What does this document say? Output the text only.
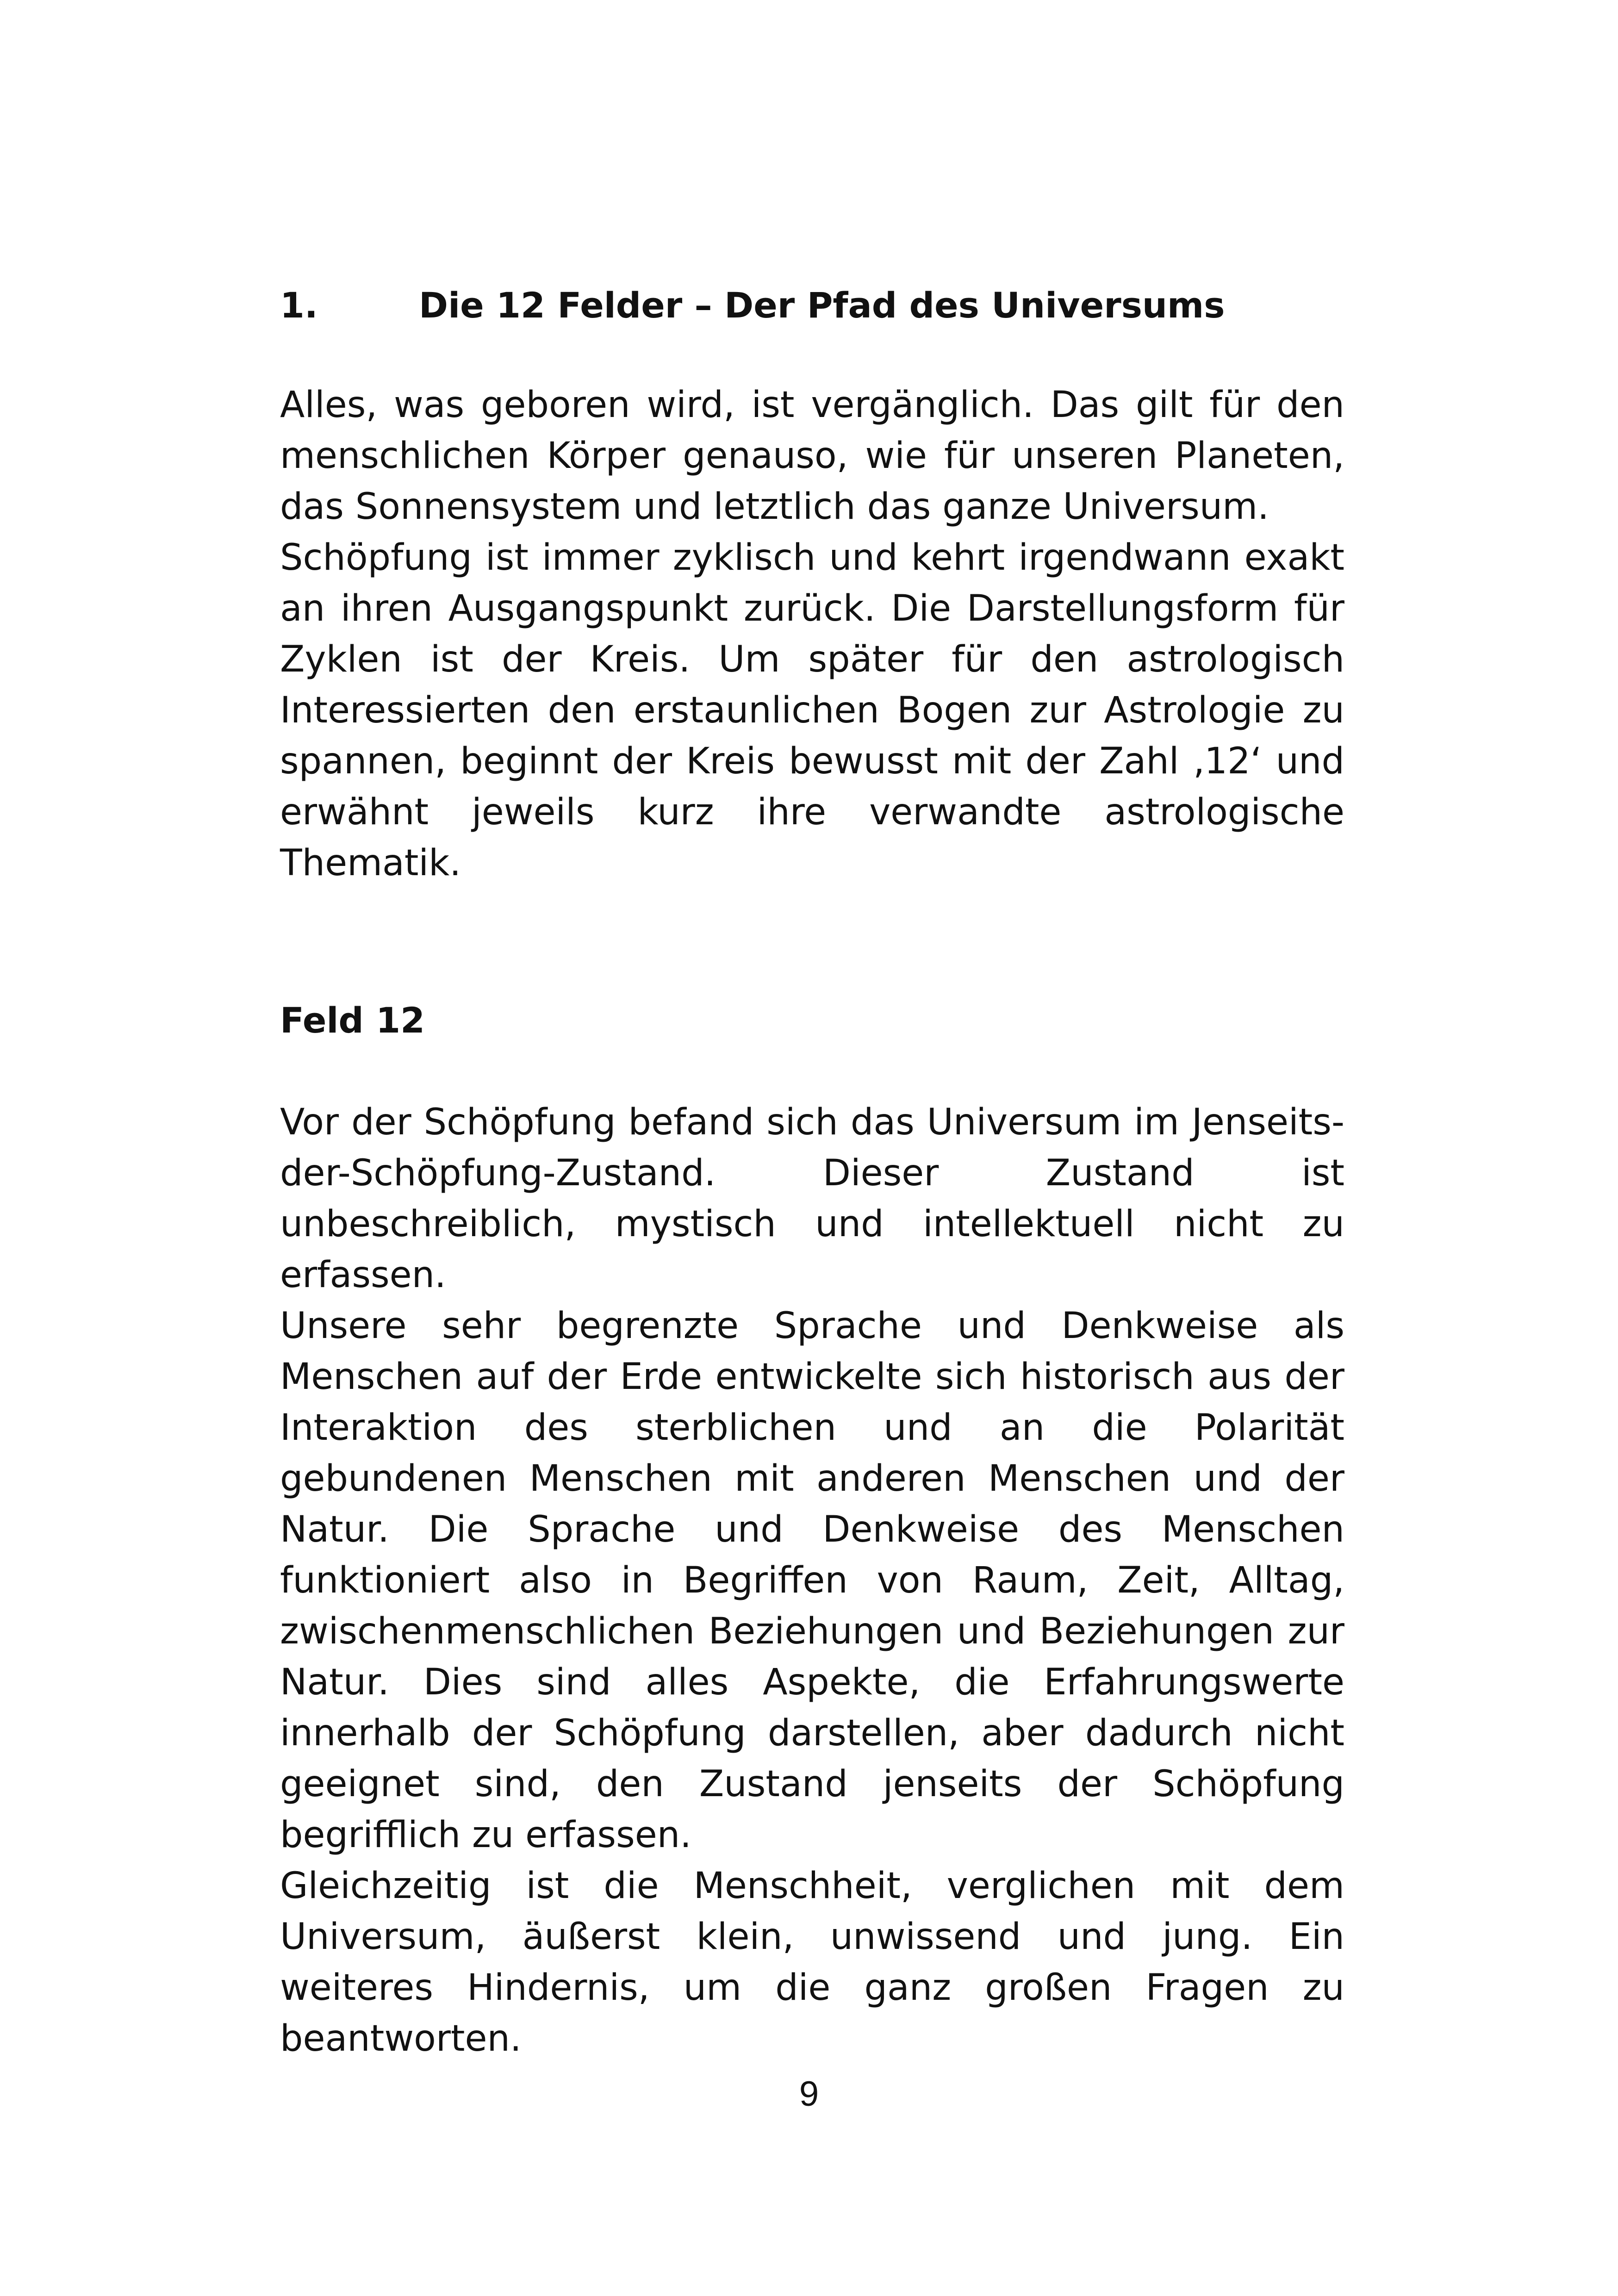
1.	Die 12 Felder – Der Pfad des Universums

Alles, was geboren wird, ist vergänglich. Das gilt für den menschlichen Körper genauso, wie für unseren Planeten, das Sonnensystem und letztlich das ganze Universum.

Schöpfung ist immer zyklisch und kehrt irgendwann exakt an ihren Ausgangspunkt zurück. Die Darstellungsform für Zyklen ist der Kreis. Um später für den astrologisch Interessierten den erstaunlichen Bogen zur Astrologie zu spannen, beginnt der Kreis bewusst mit der Zahl ‚12‘ und erwähnt jeweils kurz ihre verwandte astrologische Thematik.

Feld 12

Vor der Schöpfung befand sich das Universum im Jenseits-der-Schöpfung-Zustand. Dieser Zustand ist unbeschreiblich, mystisch und intellektuell nicht zu erfassen.

Unsere sehr begrenzte Sprache und Denkweise als Menschen auf der Erde entwickelte sich historisch aus der Interaktion des sterblichen und an die Polarität gebundenen Menschen mit anderen Menschen und der Natur. Die Sprache und Denkweise des Menschen funktioniert also in Begriffen von Raum, Zeit, Alltag, zwischenmenschlichen Beziehungen und Beziehungen zur Natur. Dies sind alles Aspekte, die Erfahrungswerte innerhalb der Schöpfung darstellen, aber dadurch nicht geeignet sind, den Zustand jenseits der Schöpfung begrifflich zu erfassen.

Gleichzeitig ist die Menschheit, verglichen mit dem Universum, äußerst klein, unwissend und jung. Ein weiteres Hindernis, um die ganz großen Fragen zu beantworten.

9
